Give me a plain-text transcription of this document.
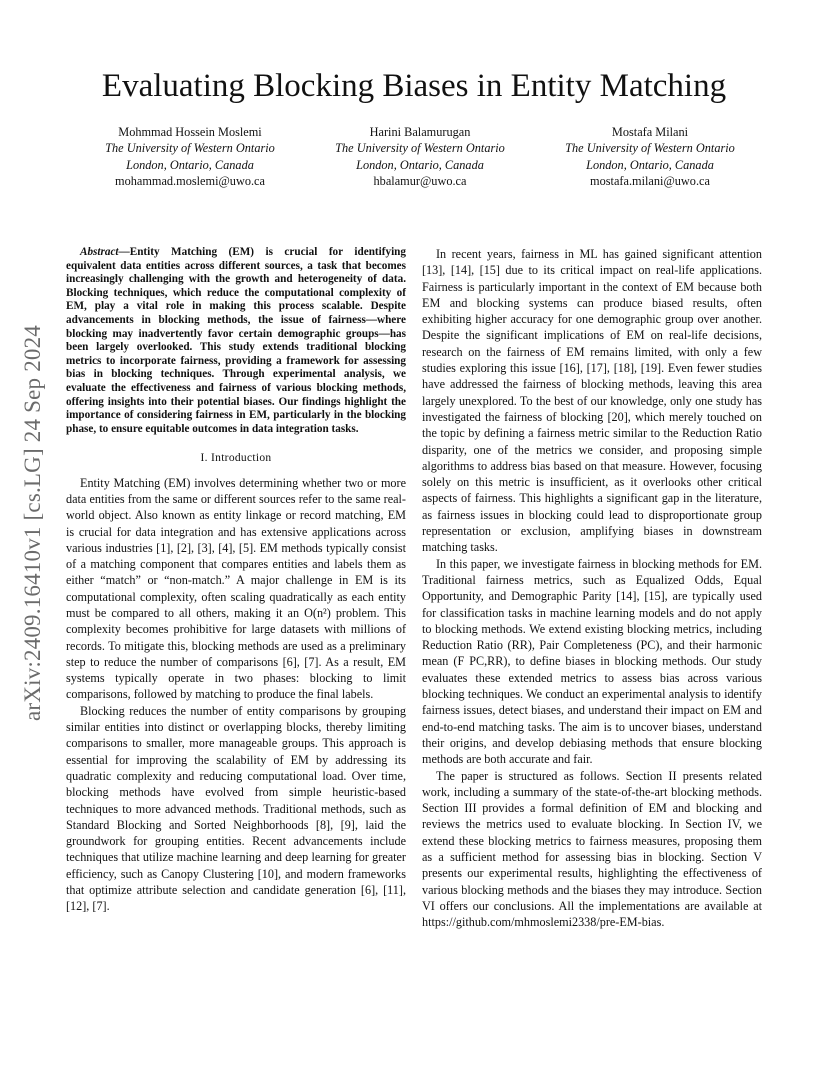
arXiv:2409.16410v1 [cs.LG] 24 Sep 2024
Evaluating Blocking Biases in Entity Matching
Mohmmad Hossein Moslemi
The University of Western Ontario
London, Ontario, Canada
mohammad.moslemi@uwo.ca
Harini Balamurugan
The University of Western Ontario
London, Ontario, Canada
hbalamur@uwo.ca
Mostafa Milani
The University of Western Ontario
London, Ontario, Canada
mostafa.milani@uwo.ca
Abstract—Entity Matching (EM) is crucial for identifying equivalent data entities across different sources, a task that becomes increasingly challenging with the growth and heterogeneity of data. Blocking techniques, which reduce the computational complexity of EM, play a vital role in making this process scalable. Despite advancements in blocking methods, the issue of fairness—where blocking may inadvertently favor certain demographic groups—has been largely overlooked. This study extends traditional blocking metrics to incorporate fairness, providing a framework for assessing bias in blocking techniques. Through experimental analysis, we evaluate the effectiveness and fairness of various blocking methods, offering insights into their potential biases. Our findings highlight the importance of considering fairness in EM, particularly in the blocking phase, to ensure equitable outcomes in data integration tasks.
I. Introduction

Entity Matching (EM) involves determining whether two or more data entities from the same or different sources refer to the same real-world object. Also known as entity linkage or record matching, EM is crucial for data integration and has extensive applications across various industries [1], [2], [3], [4], [5]. EM methods typically consist of a matching component that compares entities and labels them as either “match” or “non-match.” A major challenge in EM is its computational complexity, often scaling quadratically as each entity must be compared to all others, making it an O(n²) problem. This complexity becomes prohibitive for large datasets with millions of records. To mitigate this, blocking methods are used as a preliminary step to reduce the number of comparisons [6], [7]. As a result, EM systems typically operate in two phases: blocking to limit comparisons, followed by matching to produce the final labels.

Blocking reduces the number of entity comparisons by grouping similar entities into distinct or overlapping blocks, thereby limiting comparisons to smaller, more manageable groups. This approach is essential for improving the scalability of EM by addressing its quadratic complexity and reducing computational load. Over time, blocking methods have evolved from simple heuristic-based techniques to more advanced methods. Traditional methods, such as Standard Blocking and Sorted Neighborhoods [8], [9], laid the groundwork for grouping entities. Recent advancements include techniques that utilize machine learning and deep learning for greater efficiency, such as Canopy Clustering [10], and modern frameworks that optimize attribute selection and candidate generation [6], [11], [12], [7].

In recent years, fairness in ML has gained significant attention [13], [14], [15] due to its critical impact on real-life applications. Fairness is particularly important in the context of EM because both EM and blocking systems can produce biased results, often exhibiting higher accuracy for one demographic group over another. Despite the significant implications of EM on real-life decisions, research on the fairness of EM remains limited, with only a few studies exploring this issue [16], [17], [18], [19]. Even fewer studies have addressed the fairness of blocking methods, leaving this area largely unexplored. To the best of our knowledge, only one study has investigated the fairness of blocking [20], which merely touched on the topic by defining a fairness metric similar to the Reduction Ratio disparity, one of the metrics we consider, and proposing simple algorithms to address bias based on that measure. However, focusing solely on this metric is insufficient, as it overlooks other critical aspects of fairness. This highlights a significant gap in the literature, as fairness issues in blocking could lead to disproportionate group representation or exclusion, amplifying biases in downstream matching tasks.

In this paper, we investigate fairness in blocking methods for EM. Traditional fairness metrics, such as Equalized Odds, Equal Opportunity, and Demographic Parity [14], [15], are typically used for classification tasks in machine learning models and do not apply to blocking methods. We extend existing blocking metrics, including Reduction Ratio (RR), Pair Completeness (PC), and their harmonic mean (F PC,RR), to define biases in blocking methods. Our study evaluates these extended metrics to assess bias across various blocking techniques. We conduct an experimental analysis to identify fairness issues, detect biases, and understand their impact on EM and end-to-end matching tasks. The aim is to uncover biases, understand their origins, and develop debiasing methods that ensure blocking methods are both accurate and fair.

The paper is structured as follows. Section II presents related work, including a summary of the state-of-the-art blocking methods. Section III provides a formal definition of EM and blocking and reviews the metrics used to evaluate blocking. In Section IV, we extend these blocking metrics to fairness measures, proposing them as a sufficient method for assessing bias in blocking. Section V presents our experimental results, highlighting the effectiveness of various blocking methods and the biases they may introduce. Section VI offers our conclusions. All the implementations are available at https://github.com/mhmoslemi2338/pre-EM-bias.
